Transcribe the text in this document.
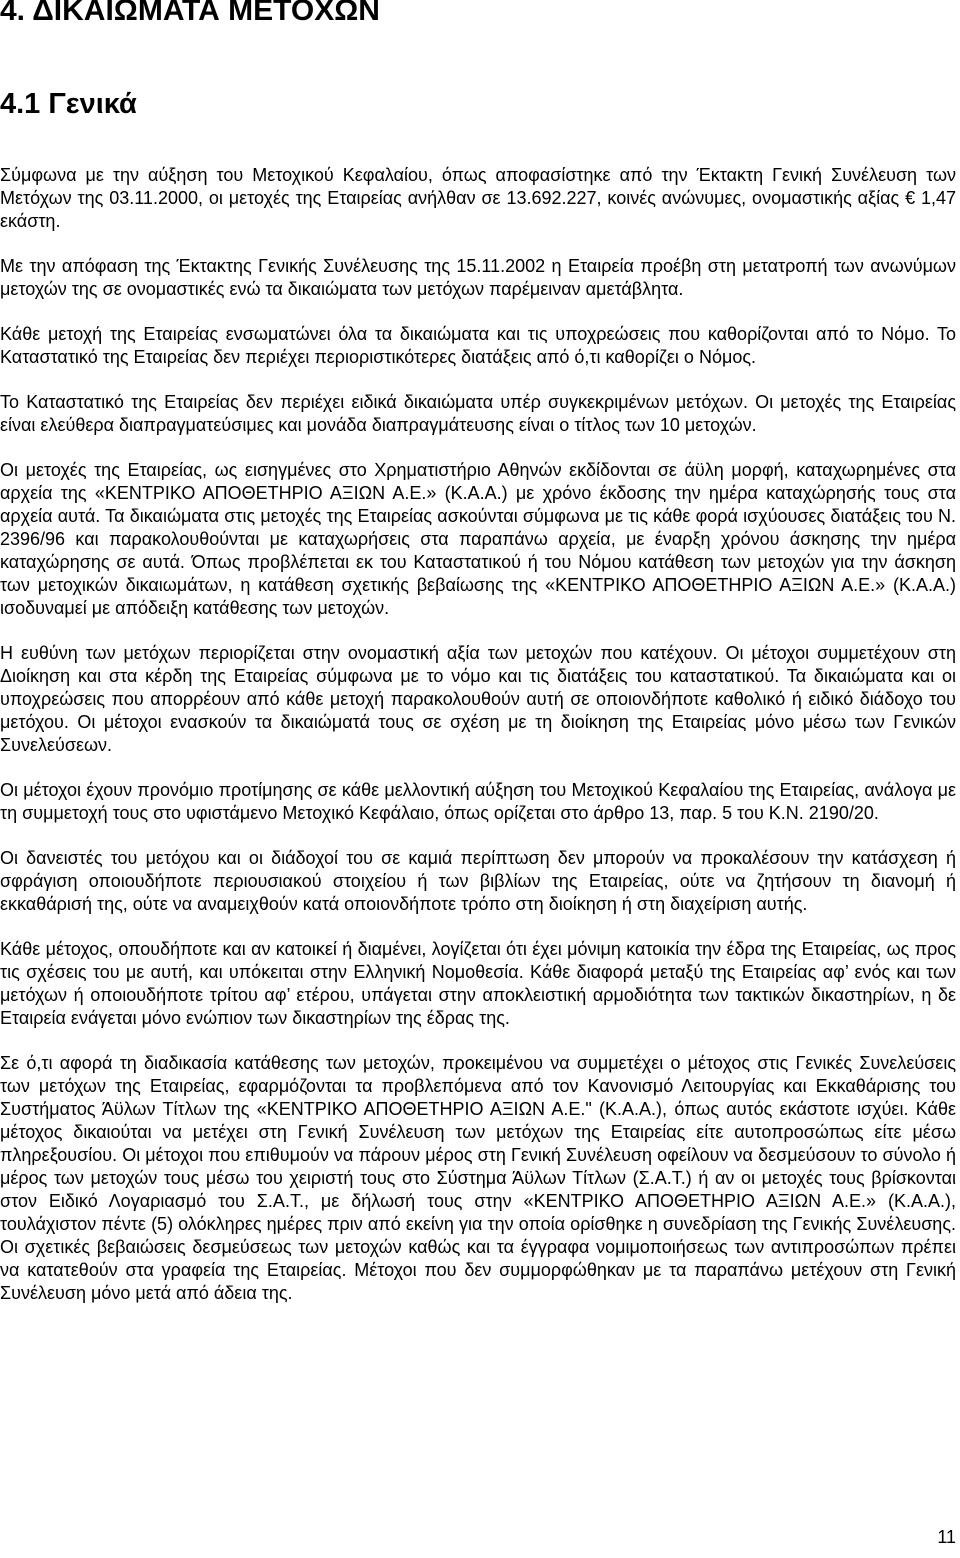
4. ΔΙΚΑΙΩΜΑΤΑ ΜΕΤΟΧΩΝ
4.1 Γενικά

Σύμφωνα με την αύξηση του Μετοχικού Κεφαλαίου, όπως αποφασίστηκε από την Έκτακτη Γενική Συνέλευση των Μετόχων της 03.11.2000, οι μετοχές της Εταιρείας ανήλθαν σε 13.692.227, κοινές ανώνυμες, ονομαστικής αξίας € 1,47 εκάστη.

Με την απόφαση της Έκτακτης Γενικής Συνέλευσης της 15.11.2002 η Εταιρεία προέβη στη μετατροπή των ανωνύμων μετοχών της σε ονομαστικές ενώ τα δικαιώματα των μετόχων παρέμειναν αμετάβλητα.

Κάθε μετοχή της Εταιρείας ενσωματώνει όλα τα δικαιώματα και τις υποχρεώσεις που καθορίζονται από το Νόμο. Το Καταστατικό της Εταιρείας δεν περιέχει περιοριστικότερες διατάξεις από ό,τι καθορίζει ο Νόμος.

Το Καταστατικό της Εταιρείας δεν περιέχει ειδικά δικαιώματα υπέρ συγκεκριμένων μετόχων. Οι μετοχές της Εταιρείας είναι ελεύθερα διαπραγματεύσιμες και μονάδα διαπραγμάτευσης είναι ο τίτλος των 10 μετοχών.

Οι μετοχές της Εταιρείας, ως εισηγμένες στο Χρηματιστήριο Αθηνών εκδίδονται σε άϋλη μορφή, καταχωρημένες στα αρχεία της «ΚΕΝΤΡΙΚΟ ΑΠΟΘΕΤΗΡΙΟ ΑΞΙΩΝ Α.Ε.» (Κ.Α.Α.) με χρόνο έκδοσης την ημέρα καταχώρησής τους στα αρχεία αυτά. Τα δικαιώματα στις μετοχές της Εταιρείας ασκούνται σύμφωνα με τις κάθε φορά ισχύουσες διατάξεις του Ν. 2396/96 και παρακολουθούνται με καταχωρήσεις στα παραπάνω αρχεία, με έναρξη χρόνου άσκησης την ημέρα καταχώρησης σε αυτά. Όπως προβλέπεται εκ του Καταστατικού ή του Νόμου κατάθεση των μετοχών για την άσκηση των μετοχικών δικαιωμάτων, η κατάθεση σχετικής βεβαίωσης της «ΚΕΝΤΡΙΚΟ ΑΠΟΘΕΤΗΡΙΟ ΑΞΙΩΝ Α.Ε.» (Κ.Α.Α.) ισοδυναμεί με απόδειξη κατάθεσης των μετοχών.

Η ευθύνη των μετόχων περιορίζεται στην ονομαστική αξία των μετοχών που κατέχουν. Οι μέτοχοι συμμετέχουν στη Διοίκηση και στα κέρδη της Εταιρείας σύμφωνα με το νόμο και τις διατάξεις του καταστατικού. Τα δικαιώματα και οι υποχρεώσεις που απορρέουν από κάθε μετοχή παρακολουθούν αυτή σε οποιονδήποτε καθολικό ή ειδικό διάδοχο του μετόχου. Οι μέτοχοι ενασκούν τα δικαιώματά τους σε σχέση με τη διοίκηση της Εταιρείας μόνο μέσω των Γενικών Συνελεύσεων.

Οι μέτοχοι έχουν προνόμιο προτίμησης σε κάθε μελλοντική αύξηση του Μετοχικού Κεφαλαίου της Εταιρείας, ανάλογα με τη συμμετοχή τους στο υφιστάμενο Μετοχικό Κεφάλαιο, όπως ορίζεται στο άρθρο 13, παρ. 5 του Κ.Ν. 2190/20.

Οι δανειστές του μετόχου και οι διάδοχοί του σε καμιά περίπτωση δεν μπορούν να προκαλέσουν την κατάσχεση ή σφράγιση οποιουδήποτε περιουσιακού στοιχείου ή των βιβλίων της Εταιρείας, ούτε να ζητήσουν τη διανομή ή εκκαθάρισή της, ούτε να αναμειχθούν κατά οποιονδήποτε τρόπο στη διοίκηση ή στη διαχείριση αυτής.

Κάθε μέτοχος, οπουδήποτε και αν κατοικεί ή διαμένει, λογίζεται ότι έχει μόνιμη κατοικία την έδρα της Εταιρείας, ως προς τις σχέσεις του με αυτή, και υπόκειται στην Ελληνική Νομοθεσία. Κάθε διαφορά μεταξύ της Εταιρείας αφ’ ενός και των μετόχων ή οποιουδήποτε τρίτου αφ’ ετέρου, υπάγεται στην αποκλειστική αρμοδιότητα των τακτικών δικαστηρίων, η δε Εταιρεία ενάγεται μόνο ενώπιον των δικαστηρίων της έδρας της.

Σε ό,τι αφορά τη διαδικασία κατάθεσης των μετοχών, προκειμένου να συμμετέχει ο μέτοχος στις Γενικές Συνελεύσεις των μετόχων της Εταιρείας, εφαρμόζονται τα προβλεπόμενα από τον Κανονισμό Λειτουργίας και Εκκαθάρισης του Συστήματος Άϋλων Τίτλων της «ΚΕΝΤΡΙΚΟ ΑΠΟΘΕΤΗΡΙΟ ΑΞΙΩΝ Α.Ε." (Κ.Α.Α.), όπως αυτός εκάστοτε ισχύει. Κάθε μέτοχος δικαιούται να μετέχει στη Γενική Συνέλευση των μετόχων της Εταιρείας είτε αυτοπροσώπως είτε μέσω πληρεξουσίου. Οι μέτοχοι που επιθυμούν να πάρουν μέρος στη Γενική Συνέλευση οφείλουν να δεσμεύσουν το σύνολο ή μέρος των μετοχών τους μέσω του χειριστή τους στο Σύστημα Άϋλων Τίτλων (Σ.Α.Τ.) ή αν οι μετοχές τους βρίσκονται στον Ειδικό Λογαριασμό του Σ.Α.Τ., με δήλωσή τους στην «ΚΕΝΤΡΙΚΟ ΑΠΟΘΕΤΗΡΙΟ ΑΞΙΩΝ Α.Ε.» (Κ.Α.Α.), τουλάχιστον πέντε (5) ολόκληρες ημέρες πριν από εκείνη για την οποία ορίσθηκε η συνεδρίαση της Γενικής Συνέλευσης. Οι σχετικές βεβαιώσεις δεσμεύσεως των μετοχών καθώς και τα έγγραφα νομιμοποιήσεως των αντιπροσώπων πρέπει να κατατεθούν στα γραφεία της Εταιρείας. Μέτοχοι που δεν συμμορφώθηκαν με τα παραπάνω μετέχουν στη Γενική Συνέλευση μόνο μετά από άδεια της.

11
